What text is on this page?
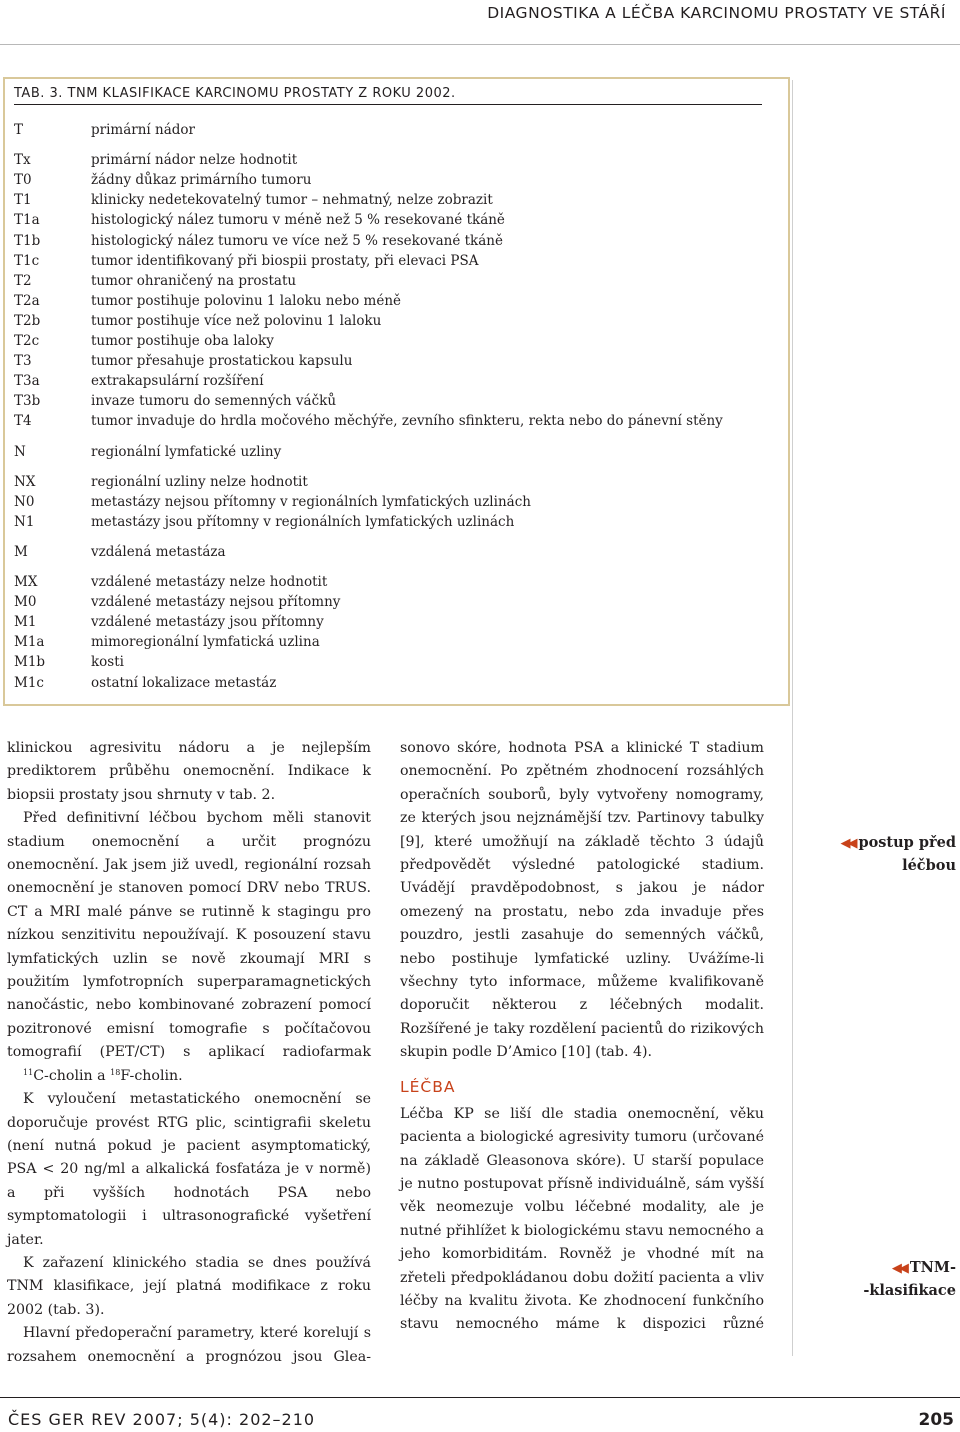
DIAGNOSTIKA A LÉČBA KARCINOMU PROSTATY VE STÁŘÍ
TAB. 3. TNM KLASIFIKACE KARCINOMU PROSTATY Z ROKU 2002.
T	primární nádor
Tx	primární nádor nelze hodnotit
T0	žádny důkaz primárního tumoru
T1	klinicky nedetekovatelný tumor – nehmatný, nelze zobrazit
T1a	histologický nález tumoru v méně než 5 % resekované tkáně
T1b	histologický nález tumoru ve více než 5 % resekované tkáně
T1c	tumor identifikovaný při biospii prostaty, při elevaci PSA
T2	tumor ohraničený na prostatu
T2a	tumor postihuje polovinu 1 laloku nebo méně
T2b	tumor postihuje více než polovinu 1 laloku
T2c	tumor postihuje oba laloky
T3	tumor přesahuje prostatickou kapsulu
T3a	extrakapsulární rozšíření
T3b	invaze tumoru do semenných váčků
T4	tumor invaduje do hrdla močového měchýře, zevního sfinkteru, rekta nebo do pánevní stěny
N	regionální lymfatické uzliny
NX	regionální uzliny nelze hodnotit
N0	metastázy nejsou přítomny v regionálních lymfatických uzlinách
N1	metastázy jsou přítomny v regionálních lymfatických uzlinách
M	vzdálená metastáza
MX	vzdálené metastázy nelze hodnotit
M0	vzdálené metastázy nejsou přítomny
M1	vzdálené metastázy jsou přítomny
M1a	mimoregionální lymfatická uzlina
M1b	kosti
M1c	ostatní lokalizace metastáz

klinickou agresivitu nádoru a je nejlepším prediktorem průběhu onemocnění. Indikace k biopsii prostaty jsou shrnuty v tab. 2.

Před definitivní léčbou bychom měli stanovit stadium onemocnění a určit prognózu onemocnění. Jak jsem již uvedl, regionální rozsah onemocnění je stanoven pomocí DRV nebo TRUS. CT a MRI malé pánve se rutinně k stagingu pro nízkou senzitivitu nepoužívají. K posouzení stavu lymfatických uzlin se nově zkoumají MRI s použitím lymfotropních superparamagnetických nanočástic, nebo kombinované zobrazení pomocí pozitronové emisní tomografie s počítačovou tomografií (PET/CT) s aplikací radiofarmak $^{11}$C-cholin a $^{18}$F-cholin.

K vyloučení metastatického onemocnění se doporučuje provést RTG plic, scintigrafii skeletu (není nutná pokud je pacient asymptomatický, PSA < 20 ng/ml a alkalická fosfatáza je v normě) a při vyšších hodnotách PSA nebo symptomatologii i ultrasonografické vyšetření jater.

K zařazení klinického stadia se dnes používá TNM klasifikace, její platná modifikace z roku 2002 (tab. 3).

Hlavní předoperační parametry, které korelují s rozsahem onemocnění a prognózou jsou Glea-

sonovo skóre, hodnota PSA a klinické T stadium onemocnění. Po zpětném zhodnocení rozsáhlých operačních souborů, byly vytvořeny nomogramy, ze kterých jsou nejznámější tzv. Partinovy tabulky [9], které umožňují na základě těchto 3 údajů předpovědět výsledné patologické stadium. Uvádějí pravděpodobnost, s jakou je nádor omezený na prostatu, nebo zda invaduje přes pouzdro, jestli zasahuje do semenných váčků, nebo postihuje lymfatické uzliny. Uvážíme-li všechny tyto informace, můžeme kvalifikovaně doporučit některou z léčebných modalit. Rozšířené je taky rozdělení pacientů do rizikových skupin podle D’Amico [10] (tab. 4).

LÉČBA

Léčba KP se liší dle stadia onemocnění, věku pacienta a biologické agresivity tumoru (určované na základě Gleasonova skóre). U starší populace je nutno postupovat přísně individuálně, sám vyšší věk neomezuje volbu léčebné modality, ale je nutné přihlížet k biologickému stavu nemocného a jeho komorbiditám. Rovněž je vhodné mít na zřeteli předpokládanou dobu dožití pacienta a vliv léčby na kvalitu života. Ke zhodnocení funkčního stavu nemocného máme k dispozici různé

◀◀ postup před
léčbou
◀◀ TNM-
-klasifikace
ČES GER REV 2007; 5(4): 202–210	205
